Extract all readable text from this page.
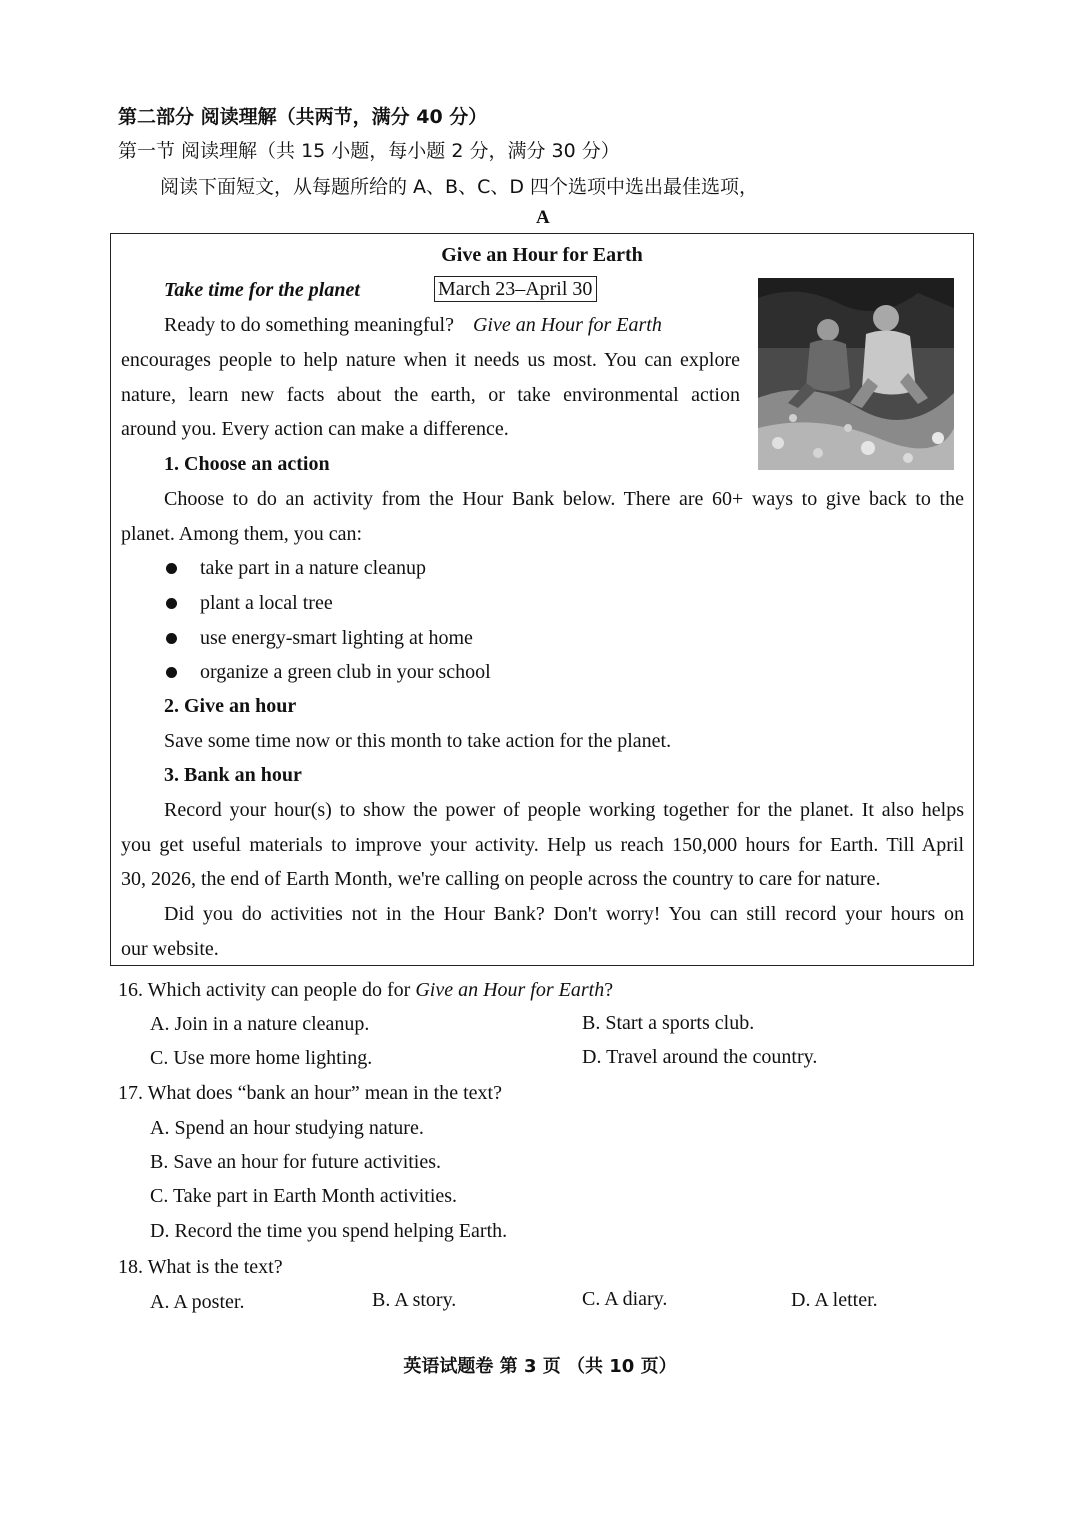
第二部分 阅读理解（共两节，满分 40 分）
第一节 阅读理解（共 15 小题，每小题 2 分，满分 30 分）
阅读下面短文，从每题所给的 A、B、C、D 四个选项中选出最佳选项，
A
Give an Hour for Earth
Take time for the planet	March 23–April 30
Ready to do something meaningful? Give an Hour for Earth
encourages people to help nature when it needs us most. You can explore
nature, learn new facts about the earth, or take environmental action
around you. Every action can make a difference.
1. Choose an action
Choose to do an activity from the Hour Bank below. There are 60+ ways to give back to the
planet. Among them, you can:
take part in a nature cleanup
plant a local tree
use energy-smart lighting at home
organize a green club in your school
2. Give an hour
Save some time now or this month to take action for the planet.
3. Bank an hour
Record your hour(s) to show the power of people working together for the planet. It also helps
you get useful materials to improve your activity. Help us reach 150,000 hours for Earth. Till April
30, 2026, the end of Earth Month, we're calling on people across the country to care for nature.
Did you do activities not in the Hour Bank? Don't worry! You can still record your hours on
our website.
16. Which activity can people do for Give an Hour for Earth?
A. Join in a nature cleanup.	B. Start a sports club.
C. Use more home lighting.	D. Travel around the country.
17. What does “bank an hour” mean in the text?
A. Spend an hour studying nature.
B. Save an hour for future activities.
C. Take part in Earth Month activities.
D. Record the time you spend helping Earth.
18. What is the text?
A. A poster.	B. A story.	C. A diary.	D. A letter.
英语试题卷 第 3 页 （共 10 页）
